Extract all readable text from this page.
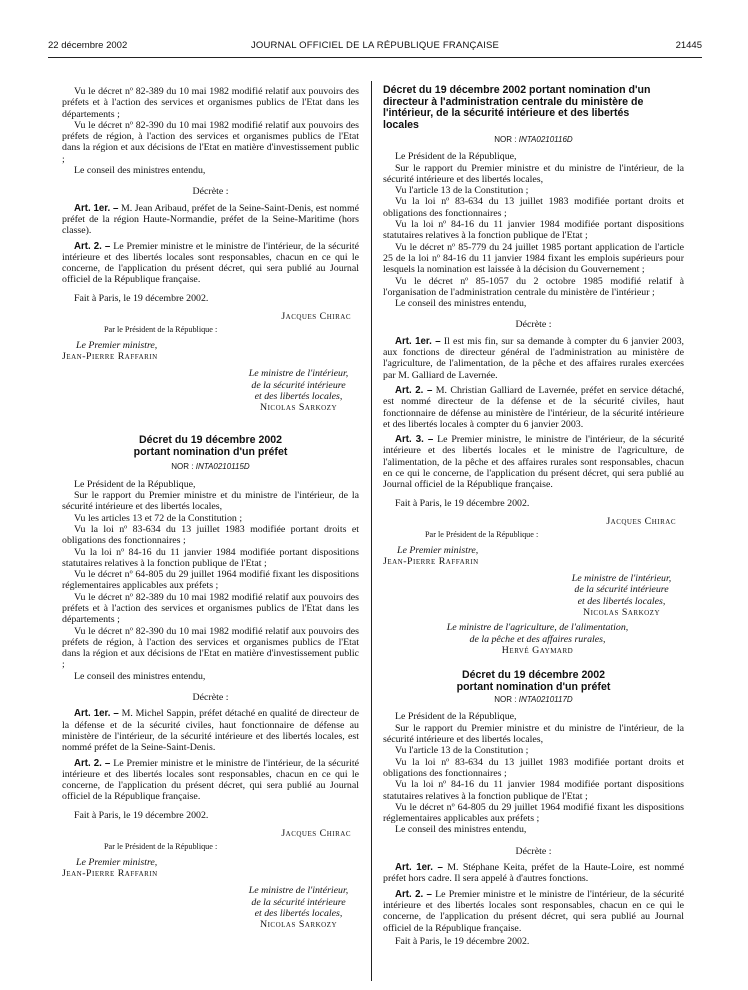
22 décembre 2002	JOURNAL OFFICIEL DE LA RÉPUBLIQUE FRANÇAISE	21445

Vu le décret nº 82-389 du 10 mai 1982 modifié relatif aux pouvoirs des préfets et à l'action des services et organismes publics de l'Etat dans les départements ;

Vu le décret nº 82-390 du 10 mai 1982 modifié relatif aux pouvoirs des préfets de région, à l'action des services et organismes publics de l'Etat dans la région et aux décisions de l'Etat en matière d'investissement public ;

Le conseil des ministres entendu,

Décrète :

Art. 1er. – M. Jean Aribaud, préfet de la Seine-Saint-Denis, est nommé préfet de la région Haute-Normandie, préfet de la Seine-Maritime (hors classe).

Art. 2. – Le Premier ministre et le ministre de l'intérieur, de la sécurité intérieure et des libertés locales sont responsables, chacun en ce qui le concerne, de l'application du présent décret, qui sera publié au Journal officiel de la République française.

Fait à Paris, le 19 décembre 2002.

Jacques Chirac
Par le Président de la République :
Le Premier ministre,
Jean-Pierre Raffarin
Le ministre de l'intérieur,
de la sécurité intérieure
et des libertés locales,
Nicolas Sarkozy

Décret du 19 décembre 2002

portant nomination d'un préfet

NOR : INTA0210115D

Le Président de la République,

Sur le rapport du Premier ministre et du ministre de l'intérieur, de la sécurité intérieure et des libertés locales,

Vu les articles 13 et 72 de la Constitution ;

Vu la loi nº 83-634 du 13 juillet 1983 modifiée portant droits et obligations des fonctionnaires ;

Vu la loi nº 84-16 du 11 janvier 1984 modifiée portant dispositions statutaires relatives à la fonction publique de l'Etat ;

Vu le décret nº 64-805 du 29 juillet 1964 modifié fixant les dispositions réglementaires applicables aux préfets ;

Vu le décret nº 82-389 du 10 mai 1982 modifié relatif aux pouvoirs des préfets et à l'action des services et organismes publics de l'Etat dans les départements ;

Vu le décret nº 82-390 du 10 mai 1982 modifié relatif aux pouvoirs des préfets de région, à l'action des services et organismes publics de l'Etat dans la région et aux décisions de l'Etat en matière d'investissement public ;

Le conseil des ministres entendu,

Décrète :

Art. 1er. – M. Michel Sappin, préfet détaché en qualité de directeur de la défense et de la sécurité civiles, haut fonctionnaire de défense au ministère de l'intérieur, de la sécurité intérieure et des libertés locales, est nommé préfet de la Seine-Saint-Denis.

Art. 2. – Le Premier ministre et le ministre de l'intérieur, de la sécurité intérieure et des libertés locales sont responsables, chacun en ce qui le concerne, de l'application du présent décret, qui sera publié au Journal officiel de la République française.

Fait à Paris, le 19 décembre 2002.

Jacques Chirac
Par le Président de la République :
Le Premier ministre,
Jean-Pierre Raffarin
Le ministre de l'intérieur,
de la sécurité intérieure
et des libertés locales,
Nicolas Sarkozy

Décret du 19 décembre 2002 portant nomination d'un

directeur à l'administration centrale du ministère de

l'intérieur, de la sécurité intérieure et des libertés

locales

NOR : INTA0210116D

Le Président de la République,

Sur le rapport du Premier ministre et du ministre de l'intérieur, de la sécurité intérieure et des libertés locales,

Vu l'article 13 de la Constitution ;

Vu la loi nº 83-634 du 13 juillet 1983 modifiée portant droits et obligations des fonctionnaires ;

Vu la loi nº 84-16 du 11 janvier 1984 modifiée portant dispositions statutaires relatives à la fonction publique de l'Etat ;

Vu le décret nº 85-779 du 24 juillet 1985 portant application de l'article 25 de la loi nº 84-16 du 11 janvier 1984 fixant les emplois supérieurs pour lesquels la nomination est laissée à la décision du Gouvernement ;

Vu le décret nº 85-1057 du 2 octobre 1985 modifié relatif à l'organisation de l'administration centrale du ministère de l'intérieur ;

Le conseil des ministres entendu,

Décrète :

Art. 1er. – Il est mis fin, sur sa demande à compter du 6 janvier 2003, aux fonctions de directeur général de l'administration au ministère de l'agriculture, de l'alimentation, de la pêche et des affaires rurales exercées par M. Galliard de Lavernée.

Art. 2. – M. Christian Galliard de Lavernée, préfet en service détaché, est nommé directeur de la défense et de la sécurité civiles, haut fonctionnaire de défense au ministère de l'intérieur, de la sécurité intérieure et des libertés locales à compter du 6 janvier 2003.

Art. 3. – Le Premier ministre, le ministre de l'intérieur, de la sécurité intérieure et des libertés locales et le ministre de l'agriculture, de l'alimentation, de la pêche et des affaires rurales sont responsables, chacun en ce qui le concerne, de l'application du présent décret, qui sera publié au Journal officiel de la République française.

Fait à Paris, le 19 décembre 2002.

Jacques Chirac
Par le Président de la République :
Le Premier ministre,
Jean-Pierre Raffarin
Le ministre de l'intérieur,
de la sécurité intérieure
et des libertés locales,
Nicolas Sarkozy
Le ministre de l'agriculture, de l'alimentation,
de la pêche et des affaires rurales,
Hervé Gaymard

Décret du 19 décembre 2002

portant nomination d'un préfet

NOR : INTA0210117D

Le Président de la République,

Sur le rapport du Premier ministre et du ministre de l'intérieur, de la sécurité intérieure et des libertés locales,

Vu l'article 13 de la Constitution ;

Vu la loi nº 83-634 du 13 juillet 1983 modifiée portant droits et obligations des fonctionnaires ;

Vu la loi nº 84-16 du 11 janvier 1984 modifiée portant dispositions statutaires relatives à la fonction publique de l'Etat ;

Vu le décret nº 64-805 du 29 juillet 1964 modifié fixant les dispositions réglementaires applicables aux préfets ;

Le conseil des ministres entendu,

Décrète :

Art. 1er. – M. Stéphane Keita, préfet de la Haute-Loire, est nommé préfet hors cadre. Il sera appelé à d'autres fonctions.

Art. 2. – Le Premier ministre et le ministre de l'intérieur, de la sécurité intérieure et des libertés locales sont responsables, chacun en ce qui le concerne, de l'application du présent décret, qui sera publié au Journal officiel de la République française.

Fait à Paris, le 19 décembre 2002.
